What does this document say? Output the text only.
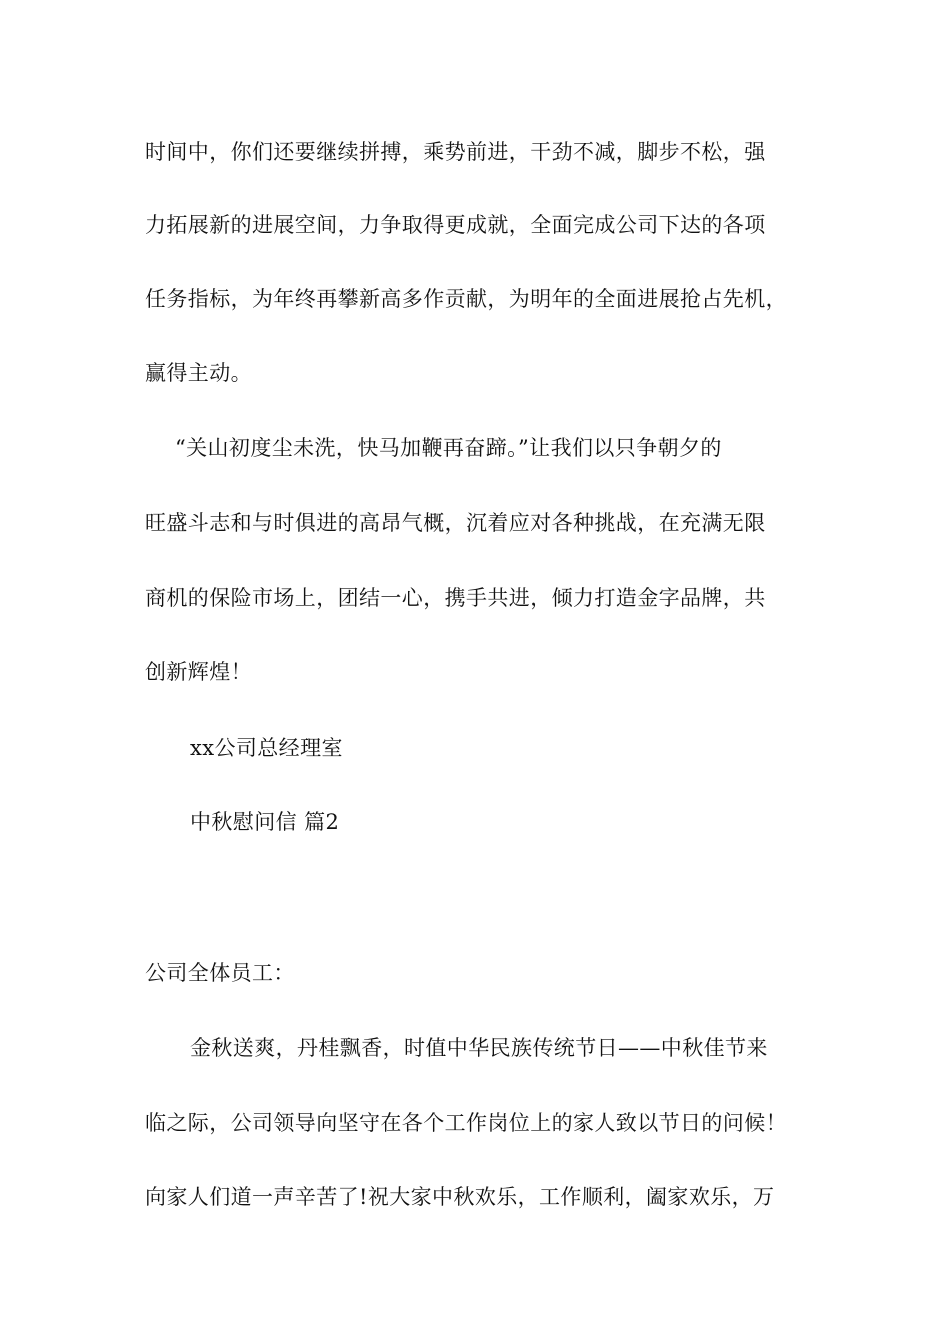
时间中，你们还要继续拼搏，乘势前进，干劲不减，脚步不松，强
力拓展新的进展空间，力争取得更成就，全面完成公司下达的各项
任务指标，为年终再攀新高多作贡献，为明年的全面进展抢占先机，
赢得主动。
“关山初度尘未洗，快马加鞭再奋蹄。”让我们以只争朝夕的
旺盛斗志和与时俱进的高昂气概，沉着应对各种挑战，在充满无限
商机的保险市场上，团结一心，携手共进，倾力打造金字品牌，共
创新辉煌！
xx公司总经理室
中秋慰问信 篇2
公司全体员工：
金秋送爽，丹桂飘香，时值中华民族传统节日——中秋佳节来
临之际，公司领导向坚守在各个工作岗位上的家人致以节日的问候！
向家人们道一声辛苦了!祝大家中秋欢乐，工作顺利，阖家欢乐，万
